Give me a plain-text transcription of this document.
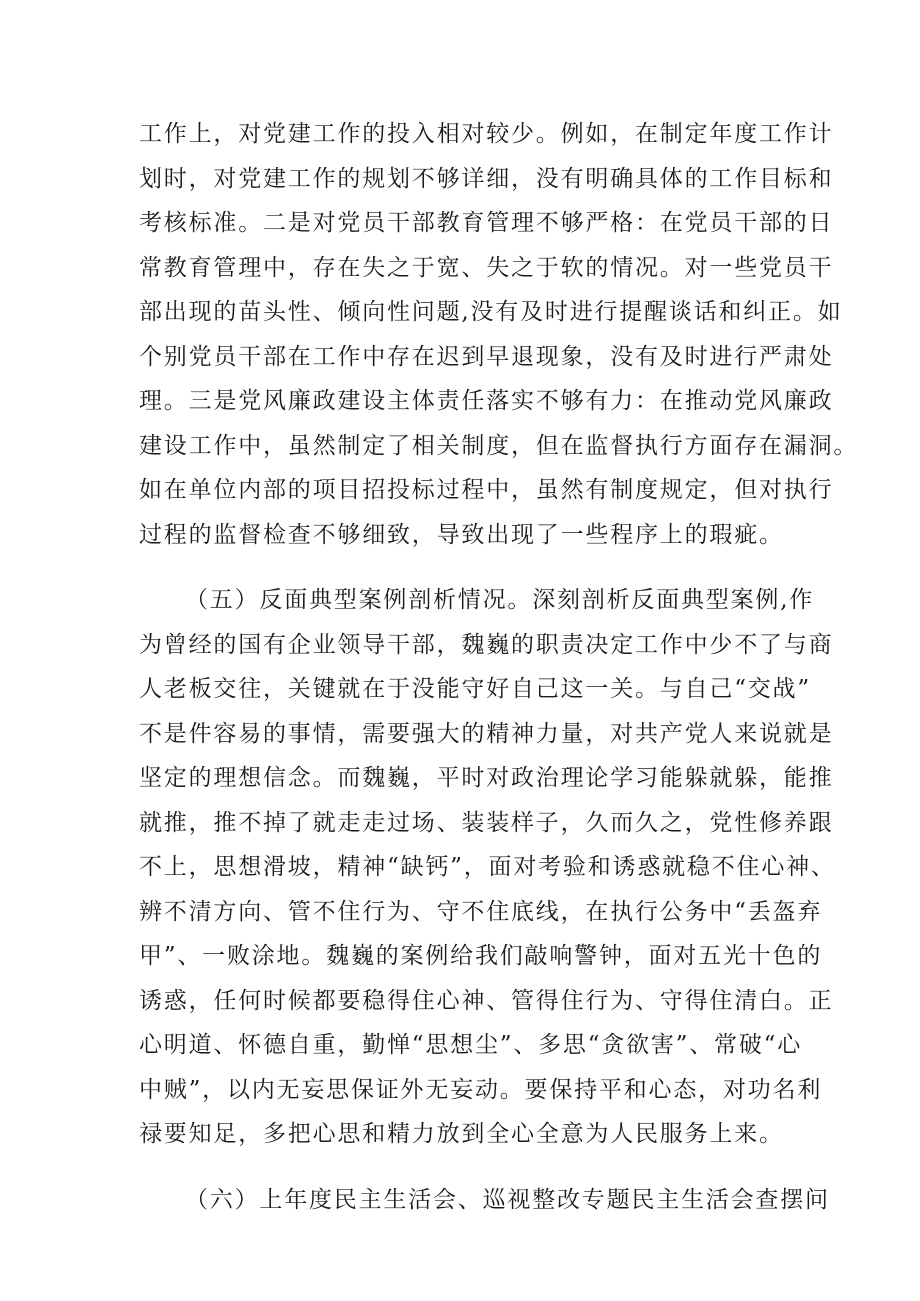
工作上，对党建工作的投入相对较少。例如，在制定年度工作计
划时，对党建工作的规划不够详细，没有明确具体的工作目标和
考核标准。二是对党员干部教育管理不够严格：在党员干部的日
常教育管理中，存在失之于宽、失之于软的情况。对一些党员干
部出现的苗头性、倾向性问题,没有及时进行提醒谈话和纠正。如
个别党员干部在工作中存在迟到早退现象，没有及时进行严肃处
理。三是党风廉政建设主体责任落实不够有力：在推动党风廉政
建设工作中，虽然制定了相关制度，但在监督执行方面存在漏洞。
如在单位内部的项目招投标过程中，虽然有制度规定，但对执行
过程的监督检查不够细致，导致出现了一些程序上的瑕疵。
（五）反面典型案例剖析情况。深刻剖析反面典型案例,作
为曾经的国有企业领导干部，魏巍的职责决定工作中少不了与商
人老板交往，关键就在于没能守好自己这一关。与自己“交战”
不是件容易的事情，需要强大的精神力量，对共产党人来说就是
坚定的理想信念。而魏巍，平时对政治理论学习能躲就躲，能推
就推，推不掉了就走走过场、装装样子，久而久之，党性修养跟
不上，思想滑坡，精神“缺钙”，面对考验和诱惑就稳不住心神、
辨不清方向、管不住行为、守不住底线，在执行公务中“丢盔弃
甲”、一败涂地。魏巍的案例给我们敲响警钟，面对五光十色的
诱惑，任何时候都要稳得住心神、管得住行为、守得住清白。正
心明道、怀德自重，勤惮“思想尘”、多思“贪欲害”、常破“心
中贼”，以内无妄思保证外无妄动。要保持平和心态，对功名利
禄要知足，多把心思和精力放到全心全意为人民服务上来。
（六）上年度民主生活会、巡视整改专题民主生活会查摆问
